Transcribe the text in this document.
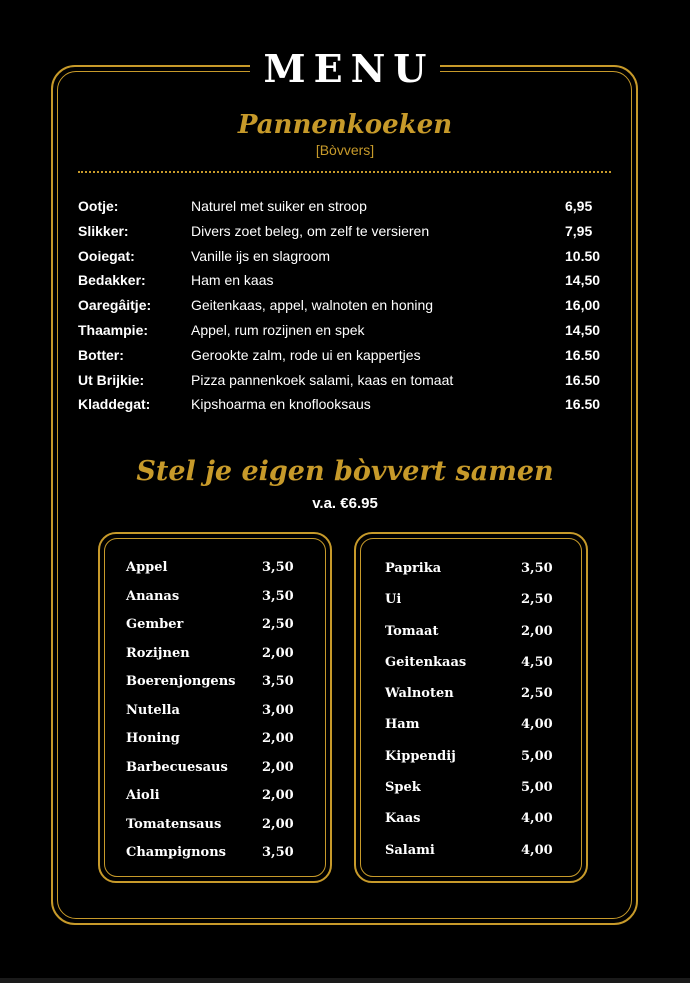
MENU
Pannenkoeken
[Bòvvers]
Ootje:	Naturel met suiker en stroop	6,95
Slikker:	Divers zoet beleg, om zelf te versieren	7,95
Ooiegat:	Vanille ijs en slagroom	10.50
Bedakker:	Ham en kaas	14,50
Oaregâitje:	Geitenkaas, appel, walnoten en honing	16,00
Thaampie:	Appel, rum rozijnen en spek	14,50
Botter:	Gerookte zalm, rode ui en kappertjes	16.50
Ut Brijkie:	Pizza pannenkoek salami, kaas en tomaat	16.50
Kladdegat:	Kipshoarma en knoflooksaus	16.50
Stel je eigen bòvvert samen
v.a. €6.95
Appel	3,50
Ananas	3,50
Gember	2,50
Rozijnen	2,00
Boerenjongens 3,50
Nutella	3,00
Honing	2,00
Barbecuesaus	2,00
Aioli	2,00
Tomatensaus	2,00
Champignons	3,50
Paprika	3,50
Ui	2,50
Tomaat	2,00
Geitenkaas	4,50
Walnoten	2,50
Ham	4,00
Kippendij	5,00
Spek	5,00
Kaas	4,00
Salami	4,00
